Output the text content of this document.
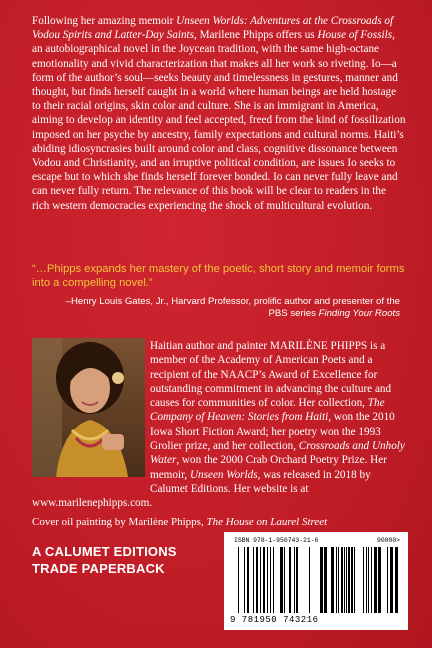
Following her amazing memoir Unseen Worlds: Adventures at the Crossroads of Vodou Spirits and Latter-Day Saints, Marilene Phipps offers us House of Fossils, an autobiographical novel in the Joycean tradition, with the same high-octane emotionality and vivid characterization that makes all her work so riveting. Io—a form of the author’s soul—seeks beauty and timelessness in gestures, manner and thought, but finds herself caught in a world where human beings are held hostage to their racial origins, skin color and culture. She is an immigrant in America, aiming to develop an identity and feel accepted, freed from the kind of fossilization imposed on her psyche by ancestry, family expectations and cultural norms. Haiti’s abiding idiosyncrasies built around color and class, cognitive dissonance between Vodou and Christianity, and an irruptive political condition, are issues Io seeks to escape but to which she finds herself forever bonded. Io can never fully leave and can never fully return. The relevance of this book will be clear to readers in the rich western democracies experiencing the shock of multicultural evolution.

“…Phipps expands her mastery of the poetic, short story and memoir forms into a compelling novel.”

–Henry Louis Gates, Jr., Harvard Professor, prolific author and presenter of the PBS series Finding Your Roots

Haitian author and painter MARILÈNE PHIPPS is a member of the Academy of American Poets and a recipient of the NAACP’s Award of Excellence for outstanding commitment in advancing the culture and causes for communities of color. Her collection, The Company of Heaven: Stories from Haiti, won the 2010 Iowa Short Fiction Award; her poetry won the 1993 Grolier prize, and her collection, Crossroads and Unholy Water, won the 2000 Crab Orchard Poetry Prize. Her memoir, Unseen Worlds, was released in 2018 by Calumet Editions. Her website is at www.marilenephipps.com.

Cover oil painting by Marilène Phipps, The House on Laurel Street

A CALUMET EDITIONS
TRADE PAPERBACK
ISBN 978-1-950743-21-6	90000>
9 781950 743216
